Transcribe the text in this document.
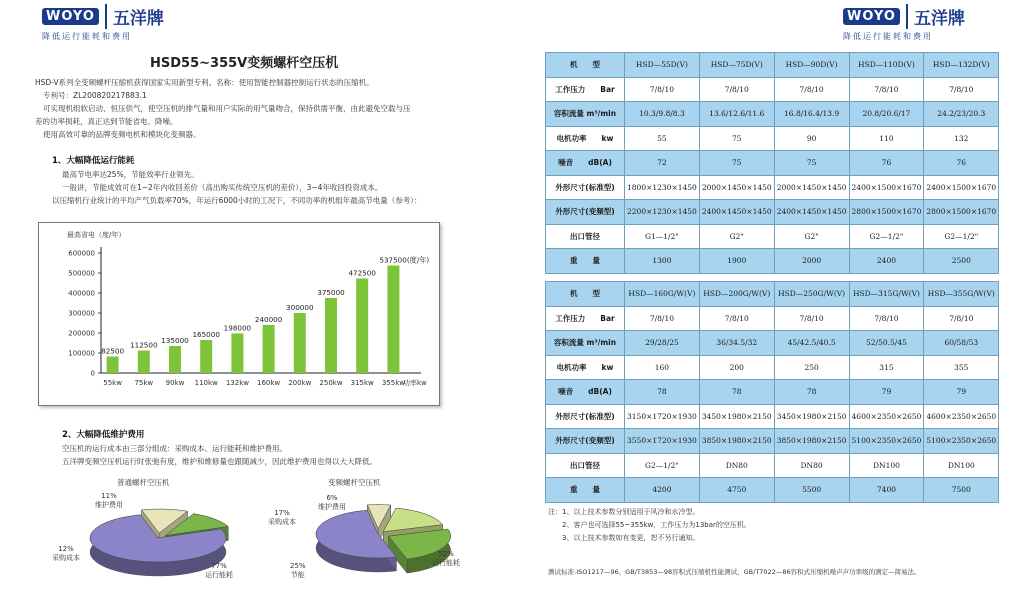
WOYO	五洋牌
降低运行能耗和费用
WOYO	五洋牌
降低运行能耗和费用
HSD55~355V变频螺杆空压机
HSD-V系列全变频螺杆压缩机获得国家实用新型专利。名称：使用智能控制器控制运行状态的压缩机。
专利号：ZL200820217883.1
可实现机组软启动、恒压供气，使空压机的排气量和用户实际的用气量吻合，保持供需平衡，由此避免空载与压
差的功率损耗，真正达到节能省电、降噪。
使用高效可靠的品牌变频电机和模块化变频器。
1、大幅降低运行能耗
最高节电率达25%，节能效率行业领先。
一般讲，节能成效可在1~2年内收回差价（高出购买传统空压机的差价），3~4年收回投资成本。
以压缩机行业统计的平均产气负载率70%，年运行6000小时的工况下，不同功率的机组年最高节电量（参考）：
最高省电（度/年）
0
100000
200000
300000
400000
500000
600000
82500
55kw
112500
75kw
135000
90kw
165000
110kw
198000
132kw
240000
160kw
300000
200kw
375000
250kw
472500
315kw
537500(度/年)
355kw
功率kw
2、大幅降低维护费用
空压机的运行成本由三部分组成：采购成本、运行能耗和维护费用。
五洋牌变频空压机运行时张弛有度，维护和维修量也跟随减少，因此维护费用也得以大大降低。
普通螺杆空压机
11%
维护费用
12%
采购成本
77%
运行能耗
变频螺杆空压机
6%
维护费用
17%
采购成本
25%
节能
52%
运行能耗
机　　型	HSD—55D(V)	HSD—75D(V)	HSD—90D(V)	HSD—110D(V)	HSD—132D(V)
工作压力　　Bar	7/8/10	7/8/10	7/8/10	7/8/10	7/8/10
容积流量 m³/min	10.3/9.8/8.3	13.6/12.6/11.6	16.8/16.4/13.9	20.8/20.6/17	24.2/23/20.3
电机功率　　kw	55	75	90	110	132
噪音　　dB(A)	72	75	75	76	76
外形尺寸(标准型)	1800×1230×1450	2000×1450×1450	2000×1450×1450	2400×1500×1670	2400×1500×1670
外形尺寸(变频型)	2200×1230×1450	2400×1450×1450	2400×1450×1450	2800×1500×1670	2800×1500×1670
出口管径	G1—1/2"	G2"	G2"	G2—1/2"	G2—1/2"
重　　量	1300	1900	2000	2400	2500
机　　型	HSD—160G/W(V)	HSD—200G/W(V)	HSD—250G/W(V)	HSD—315G/W(V)	HSD—355G/W(V)
工作压力　　Bar	7/8/10	7/8/10	7/8/10	7/8/10	7/8/10
容积流量 m³/min	29/28/25	36/34.5/32	45/42.5/40.5	52/50.5/45	60/58/53
电机功率　　kw	160	200	250	315	355
噪音　　dB(A)	78	78	78	79	79
外形尺寸(标准型)	3150×1720×1930	3450×1980×2150	3450×1980×2150	4600×2350×2650	4600×2350×2650
外形尺寸(变频型)	3550×1720×1930	3850×1980×2150	3850×1980×2150	5100×2350×2650	5100×2350×2650
出口管径	G2—1/2"	DN80	DN80	DN100	DN100
重　　量	4200	4750	5500	7400	7500
注：1、以上技术参数分别适用于风冷和水冷型。
　　2、客户也可选择55~355kw，工作压力为13bar的空压机。
　　3、以上技术参数如有变更，恕不另行通知。
测试标准:ISO1217—96、GB/T3853—98容积式压缩机性能测试，GB/T7022—86容积式压缩机噪声声功率级的测定—简易法。
